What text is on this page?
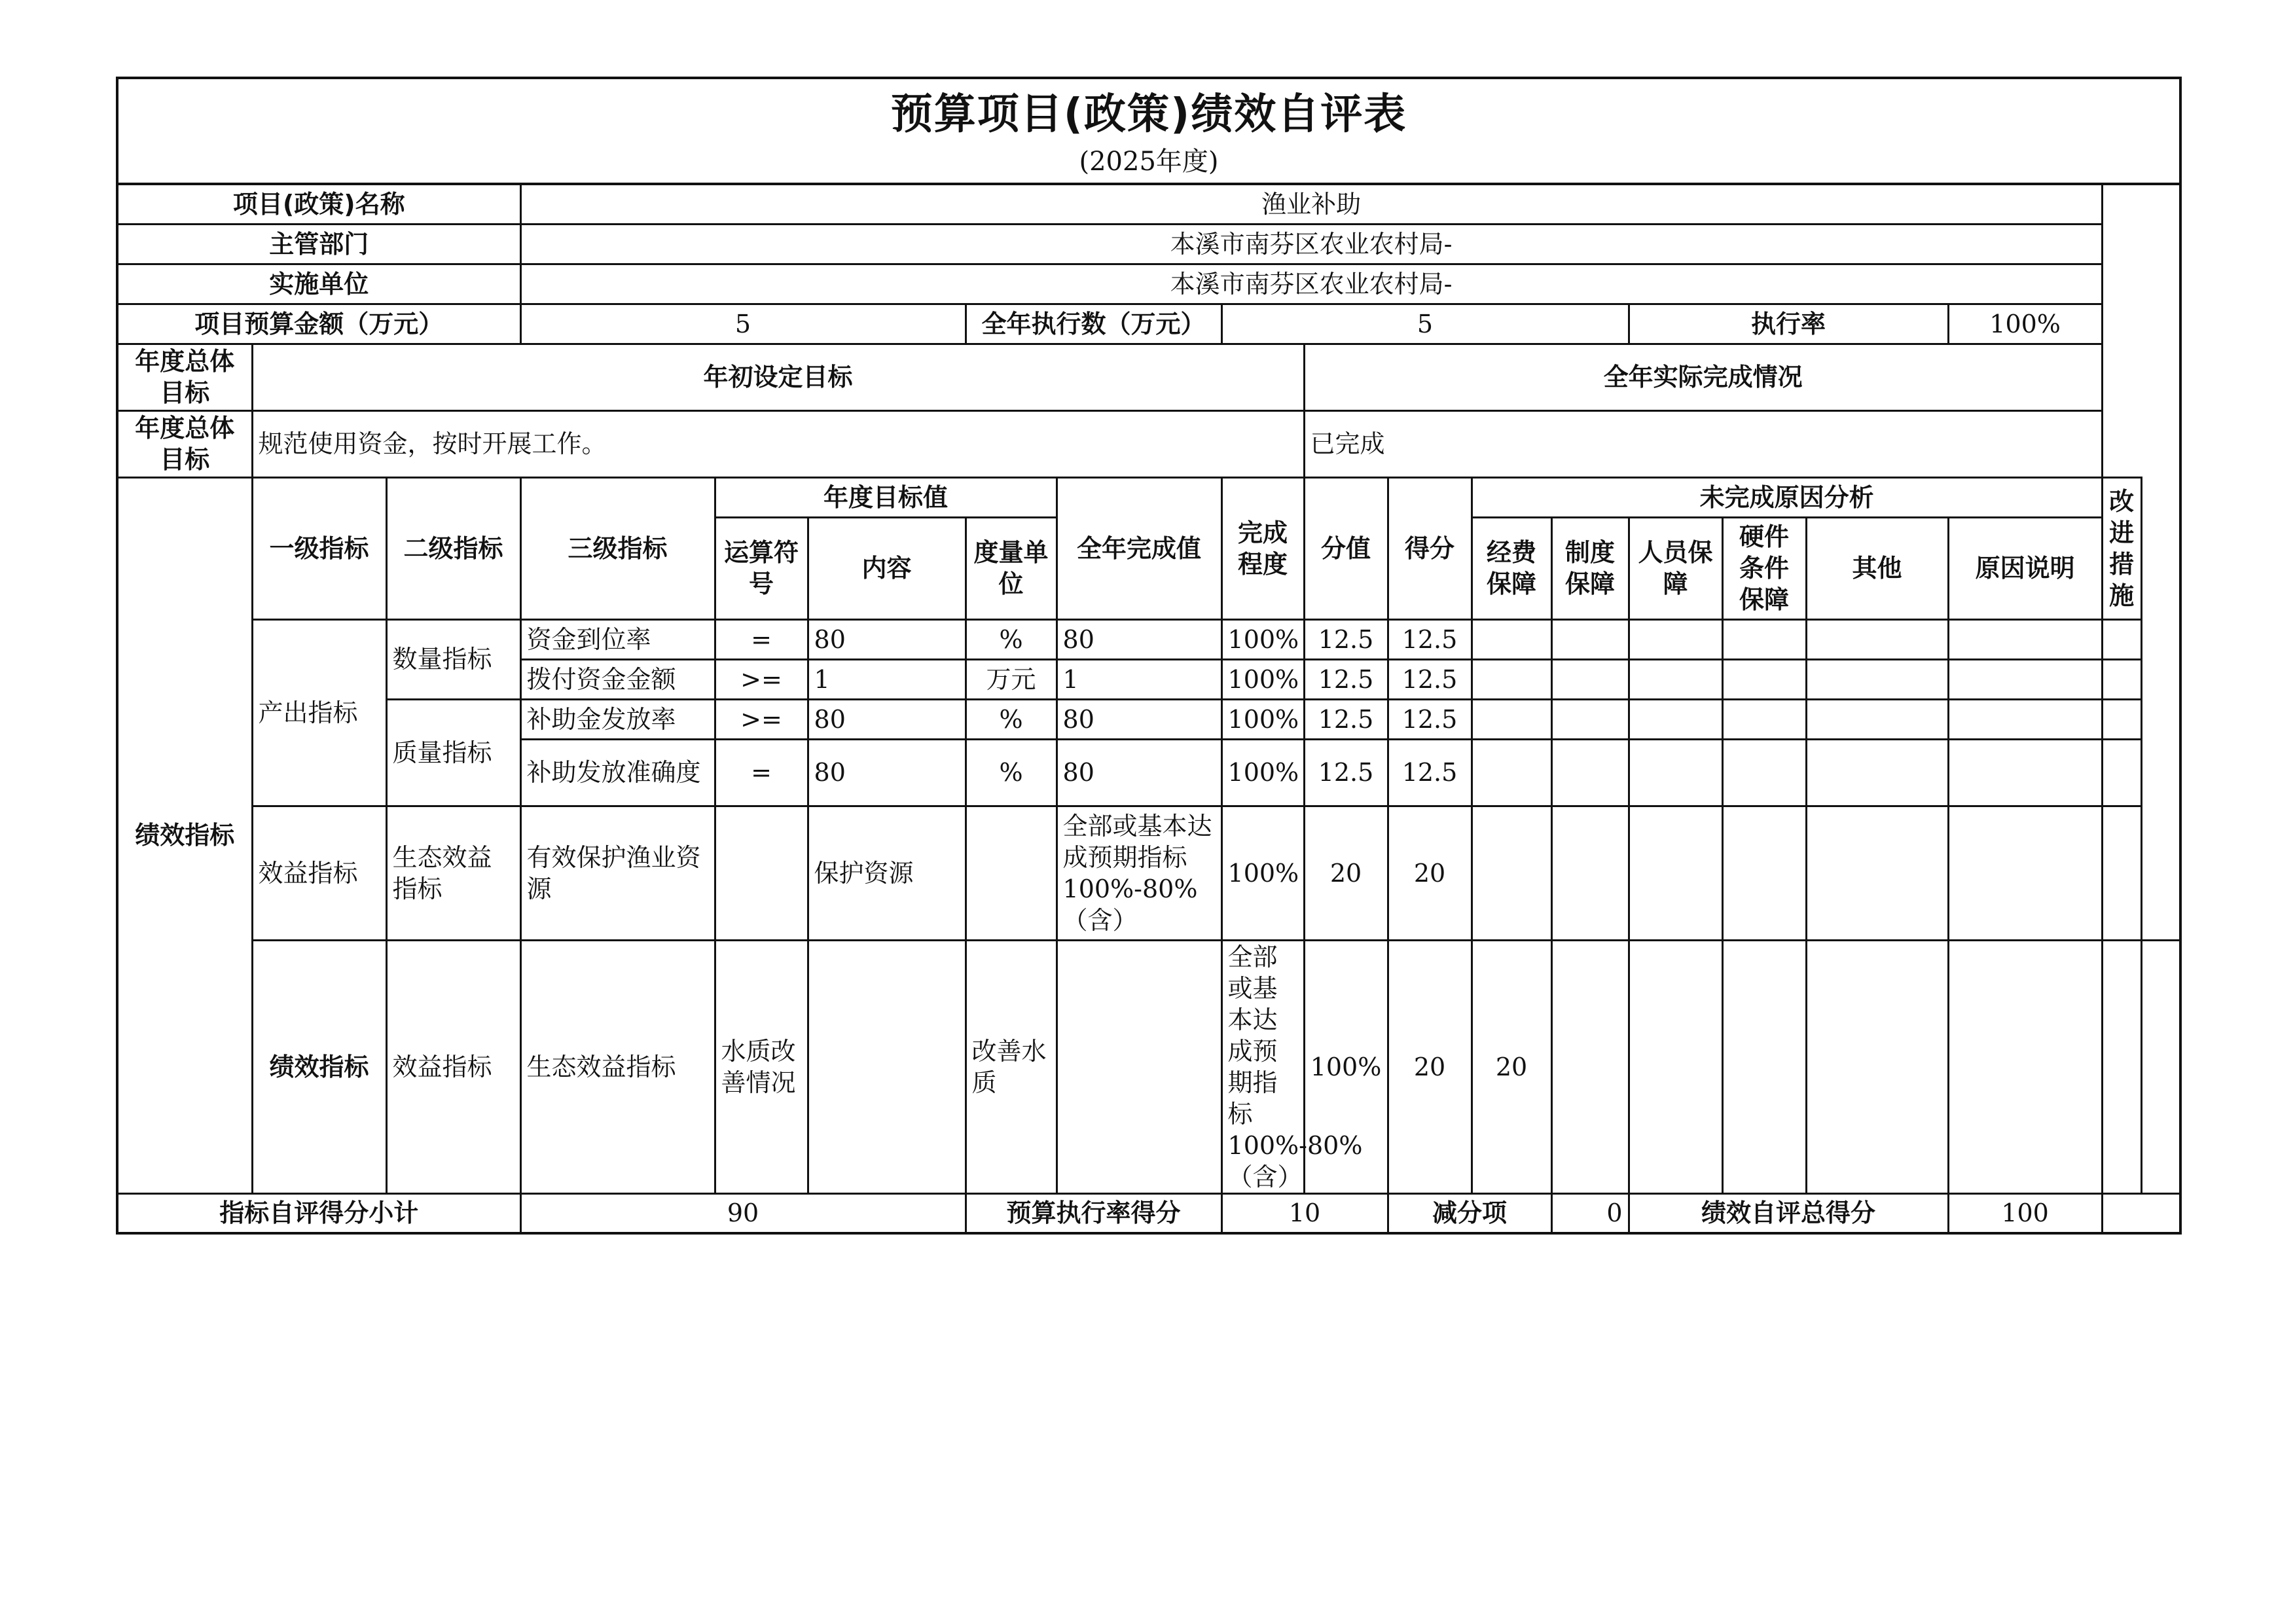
预算项目(政策)绩效自评表
(2025年度)
项目(政策)名称			渔业补助															
主管部门			本溪市南芬区农业农村局-															
实施单位			本溪市南芬区农业农村局-															
项目预算金额（万元）			5			全年执行数（万元）		5					执行率			100%		
年度总体目标	年初设定目标								全年实际完成情况									
年度总体目标	规范使用资金，按时开展工作。								已完成									
绩效指标	一级指标	二级指标	三级指标	年度目标值			全年完成值	完成程度	分值	得分	未完成原因分析						改进措施	
				运算符号	内容	度量单位					经费保障	制度保障	人员保障	硬件条件保障	其他	原因说明		
	产出指标	数量指标	资金到位率	=	80	%	80	100%	12.5	12.5								
			拨付资金金额	>=	1	万元	1	100%	12.5	12.5								
		质量指标	补助金发放率	>=	80	%	80	100%	12.5	12.5								
			补助发放准确度	=	80	%	80	100%	12.5	12.5								
	效益指标	生态效益指标	有效保护渔业资源		保护资源		全部或基本达成预期指标100%-80%（含）	100%	20	20								
	绩效指标	效益指标	生态效益指标	水质改善情况		改善水质		全部或基本达成预期指标100%-80%（含）	100%	20	20							
指标自评得分小计			90			预算执行率得分		10		减分项		0	绩效自评总得分			100		
